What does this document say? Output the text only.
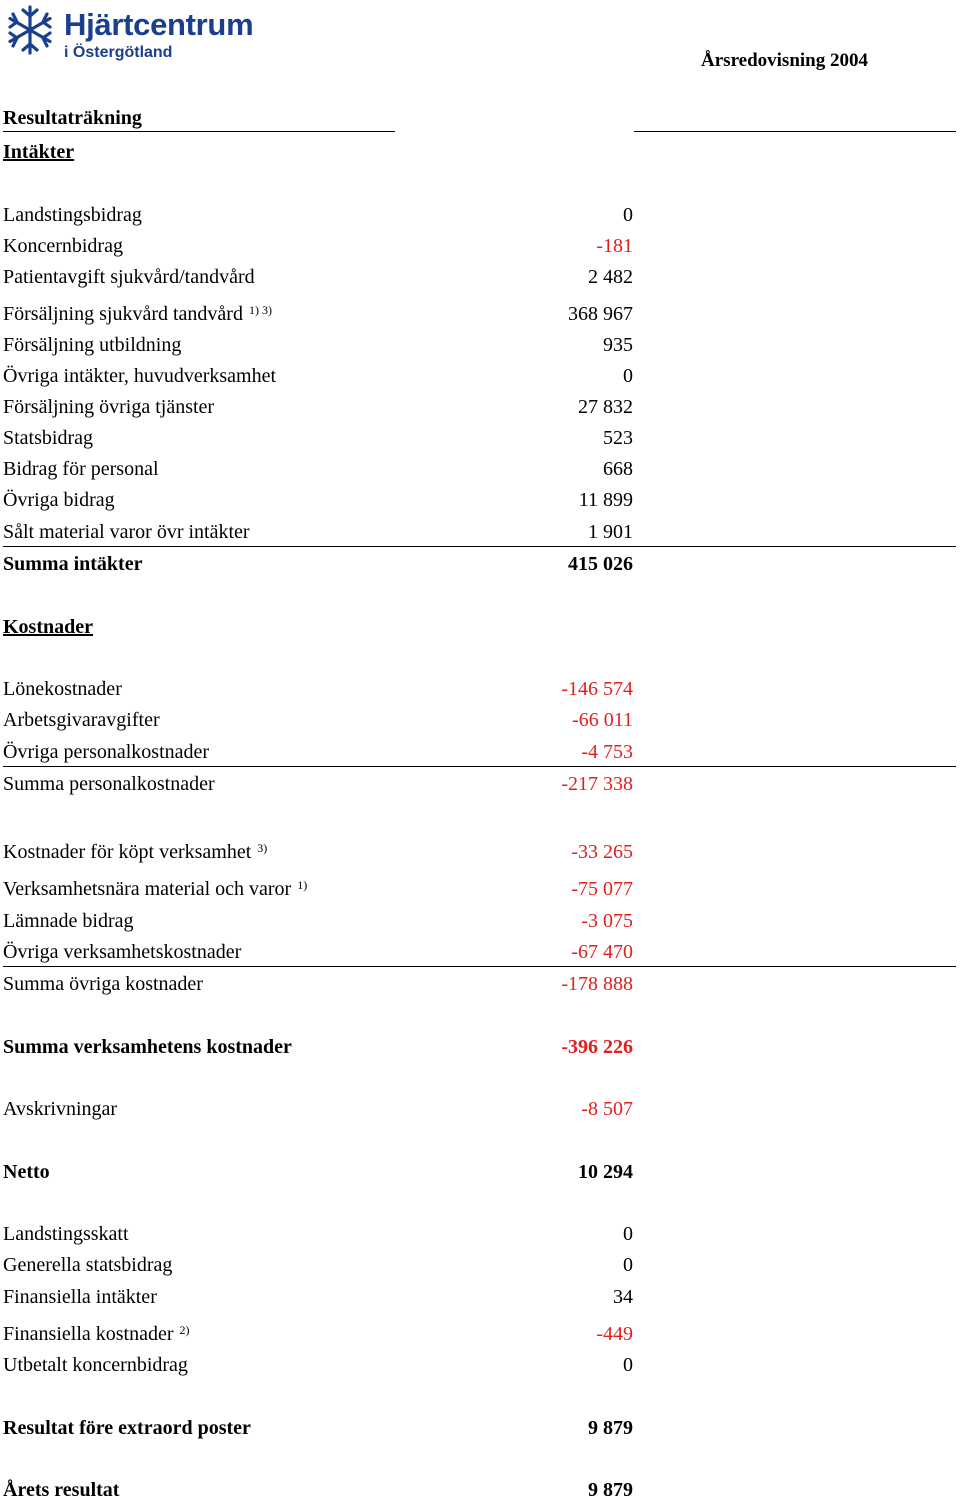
Hjärtcentrum
i Östergötland	Årsredovisning 2004
Resultaträkning
Intäkter
Landstingsbidrag	0
Koncernbidrag	-181
Patientavgift sjukvård/tandvård	2 482
Försäljning sjukvård tandvård $^{1) 3)}$	368 967
Försäljning utbildning	935
Övriga intäkter, huvudverksamhet	0
Försäljning övriga tjänster	27 832
Statsbidrag	523
Bidrag för personal	668
Övriga bidrag	11 899
Sålt material varor övr intäkter	1 901
Summa intäkter	415 026
Kostnader
Lönekostnader	-146 574
Arbetsgivaravgifter	-66 011
Övriga personalkostnader	-4 753
Summa personalkostnader	-217 338
Kostnader för köpt verksamhet $^{3)}$	-33 265
Verksamhetsnära material och varor $^{1)}$	-75 077
Lämnade bidrag	-3 075
Övriga verksamhetskostnader	-67 470
Summa övriga kostnader	-178 888
Summa verksamhetens kostnader	-396 226
Avskrivningar	-8 507
Netto	10 294
Landstingsskatt	0
Generella statsbidrag	0
Finansiella intäkter	34
Finansiella kostnader $^{2)}$	-449
Utbetalt koncernbidrag	0
Resultat före extraord poster	9 879
Årets resultat	9 879
